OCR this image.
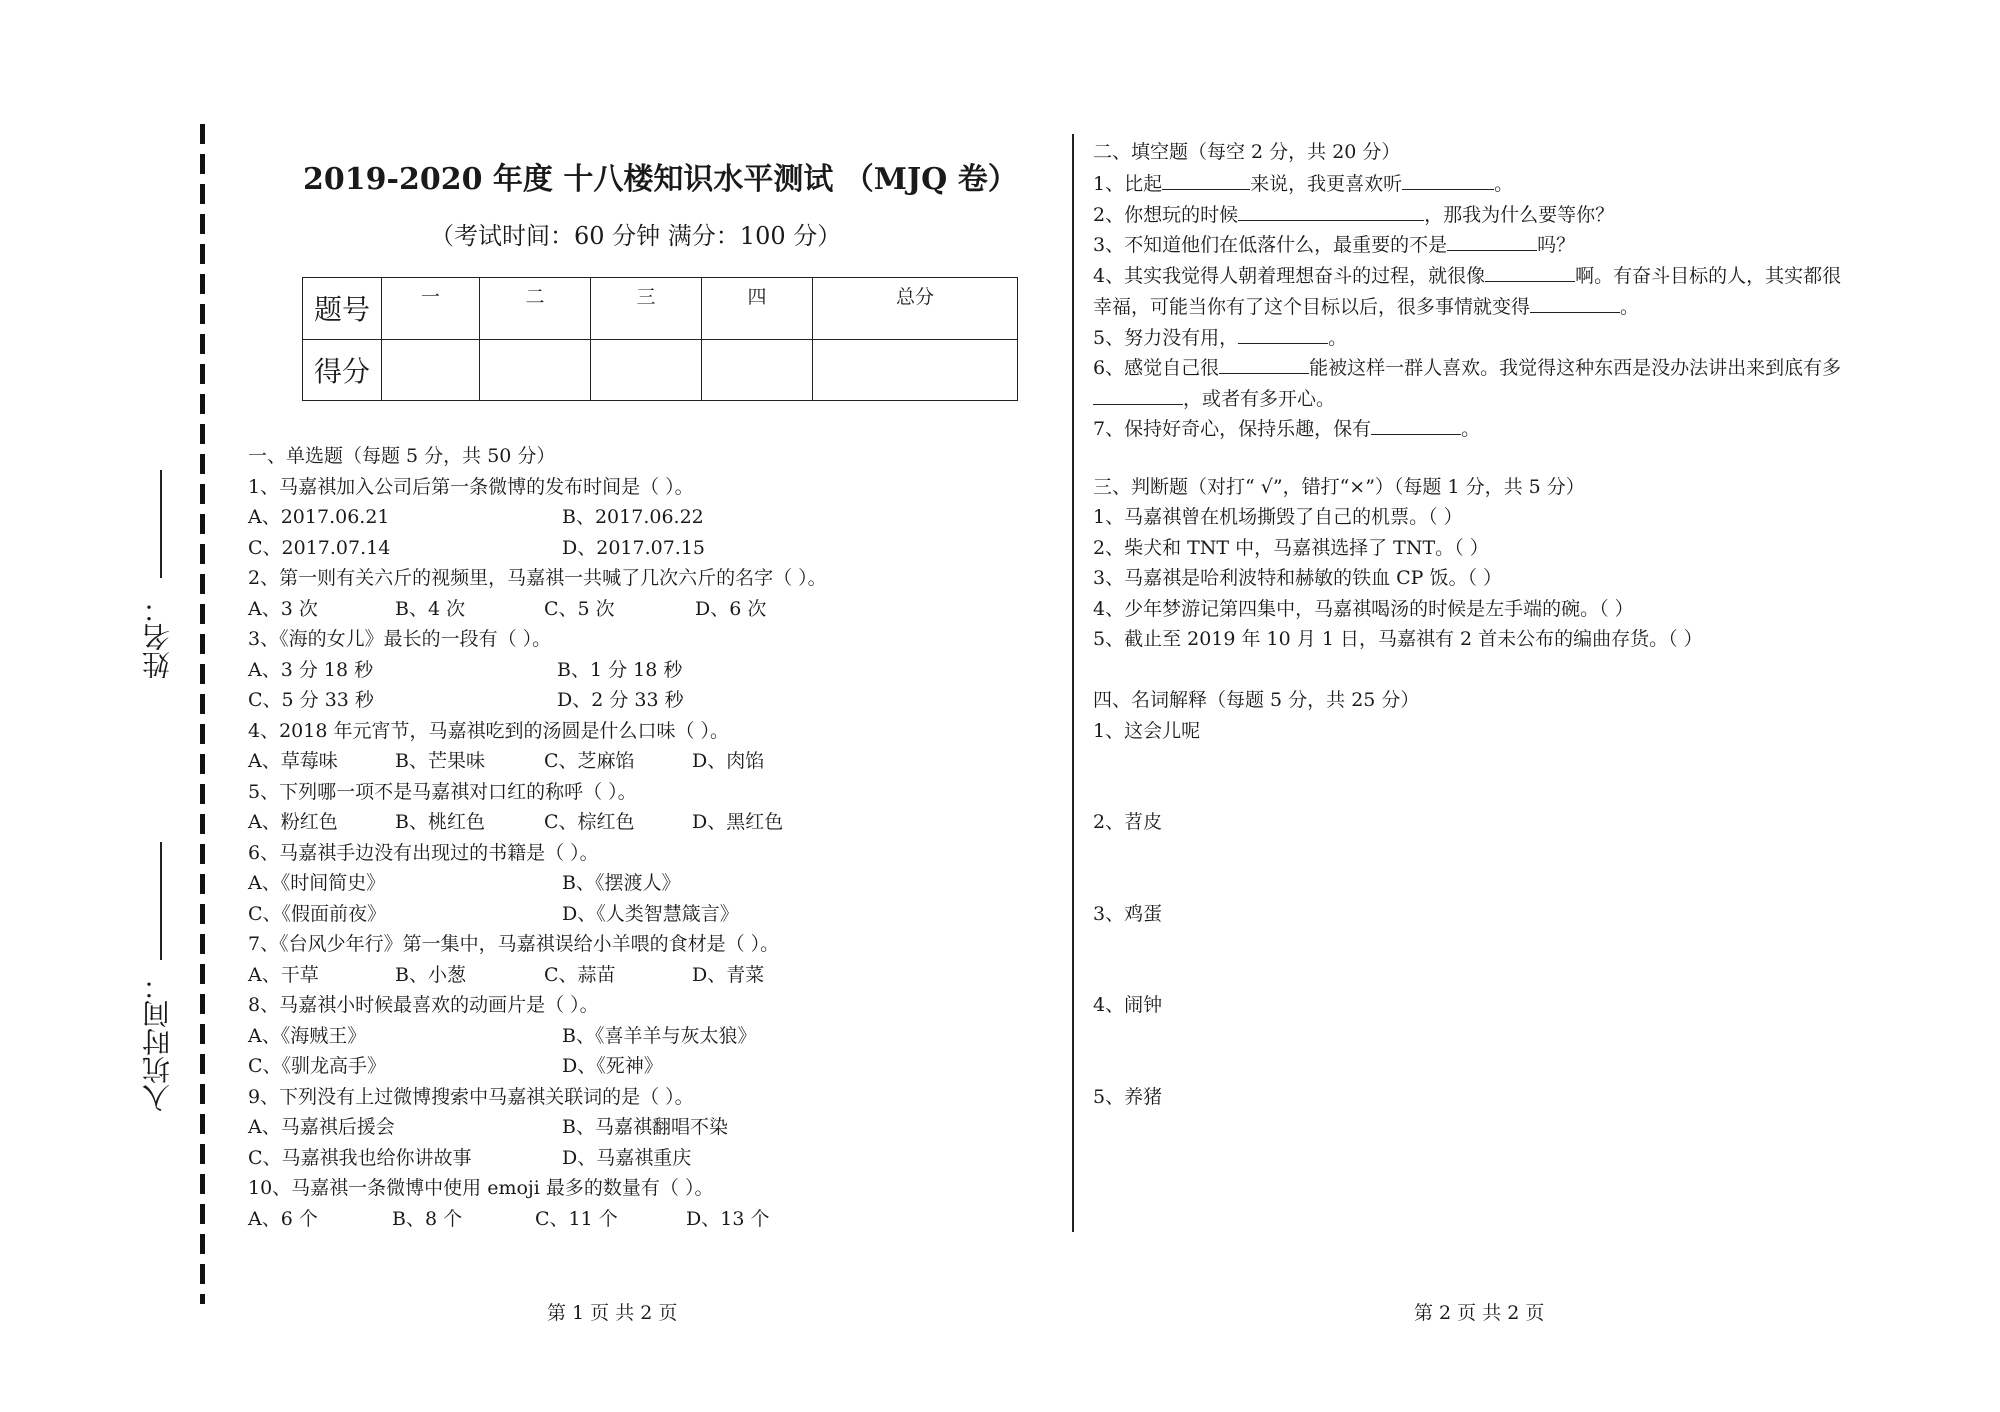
姓名：
入坑时间：
2019-2020 年度 十八楼知识水平测试 （MJQ 卷）
（考试时间：60 分钟 满分：100 分）
题号	一	二	三	四	总分
得分					
一、单选题（每题 5 分，共 50 分）
1、马嘉祺加入公司后第一条微博的发布时间是（ ）。
A、2017.06.21	B、2017.06.22
C、2017.07.14	D、2017.07.15
2、第一则有关六斤的视频里，马嘉祺一共喊了几次六斤的名字（ ）。
A、3 次	B、4 次	C、5 次	D、6 次
3、《海的女儿》最长的一段有（ ）。
A、3 分 18 秒	B、1 分 18 秒
C、5 分 33 秒	D、2 分 33 秒
4、2018 年元宵节，马嘉祺吃到的汤圆是什么口味（ ）。
A、草莓味	B、芒果味	C、芝麻馅	D、肉馅
5、下列哪一项不是马嘉祺对口红的称呼（ ）。
A、粉红色	B、桃红色	C、棕红色	D、黑红色
6、马嘉祺手边没有出现过的书籍是（ ）。
A、《时间简史》	B、《摆渡人》
C、《假面前夜》	D、《人类智慧箴言》
7、《台风少年行》第一集中，马嘉祺误给小羊喂的食材是（ ）。
A、干草	B、小葱	C、蒜苗	D、青菜
8、马嘉祺小时候最喜欢的动画片是（ ）。
A、《海贼王》	B、《喜羊羊与灰太狼》
C、《驯龙高手》	D、《死神》
9、下列没有上过微博搜索中马嘉祺关联词的是（ ）。
A、马嘉祺后援会	B、马嘉祺翻唱不染
C、马嘉祺我也给你讲故事	D、马嘉祺重庆
10、马嘉祺一条微博中使用 emoji 最多的数量有（ ）。
A、6 个	B、8 个	C、11 个	D、13 个
二、填空题（每空 2 分，共 20 分）
1、比起	来说，我更喜欢听	。
2、你想玩的时候	，那我为什么要等你？
3、不知道他们在低落什么，最重要的不是	吗？
4、其实我觉得人朝着理想奋斗的过程，就很像	啊。有奋斗目标的人，其实都很
幸福，可能当你有了这个目标以后，很多事情就变得	。
5、努力没有用，	。
6、感觉自己很	能被这样一群人喜欢。我觉得这种东西是没办法讲出来到底有多
，或者有多开心。
7、保持好奇心，保持乐趣，保有	。
三、判断题（对打“ √”，错打“×”）（每题 1 分，共 5 分）
1、马嘉祺曾在机场撕毁了自己的机票。（ ）
2、柴犬和 TNT 中，马嘉祺选择了 TNT。（ ）
3、马嘉祺是哈利波特和赫敏的铁血 CP 饭。（ ）
4、少年梦游记第四集中，马嘉祺喝汤的时候是左手端的碗。（ ）
5、截止至 2019 年 10 月 1 日，马嘉祺有 2 首未公布的编曲存货。（ ）
四、名词解释（每题 5 分，共 25 分）
1、这会儿呢
2、苕皮
3、鸡蛋
4、闹钟
5、养猪
第 1 页 共 2 页	第 2 页 共 2 页
